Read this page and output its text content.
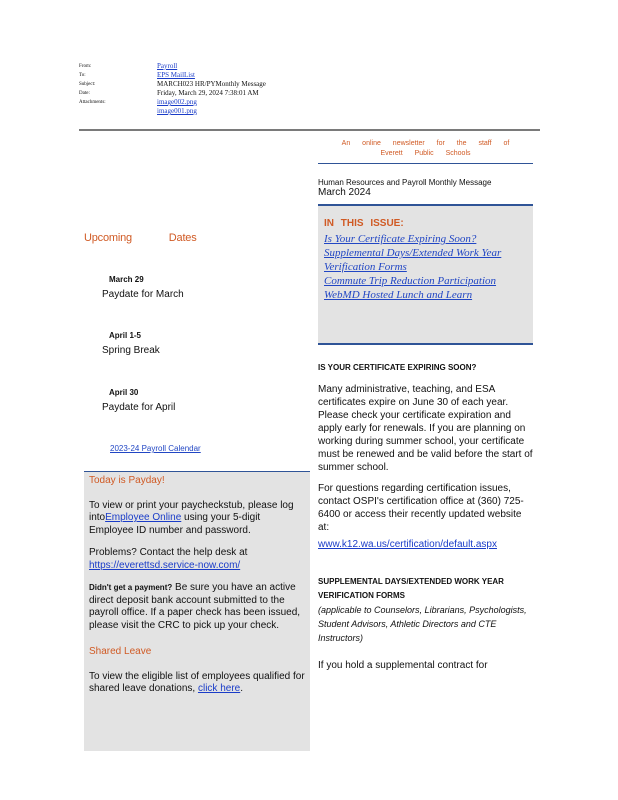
From:	Payroll
To:	EPS MailList
Subject:	MARCH023 HR/PYMonthly Message
Date:	Friday, March 29, 2024 7:38:01 AM
Attachments:	image002.png
image001.png
Upcoming	Dates
March 29
Paydate for March
April 1-5
Spring Break
April 30
Paydate for April
2023-24 Payroll Calendar
Today is Payday!

To view or print your paycheckstub, please log intoEmployee Online using your 5-digit Employee ID number and password.

Problems? Contact the help desk at https://everettsd.service-now.com/

Didn't get a payment? Be sure you have an active direct deposit bank account submitted to the payroll office. If a paper check has been issued, please visit the CRC to pick up your check.

Shared Leave

To view the eligible list of employees qualified for shared leave donations, click here.

An online newsletter for the staff of
Everett Public Schools
Human Resources and Payroll Monthly Message
March 2024
IN THIS ISSUE:
Is Your Certificate Expiring Soon?
Supplemental Days/Extended Work Year Verification Forms
Commute Trip Reduction Participation
WebMD Hosted Lunch and Learn
IS YOUR CERTIFICATE EXPIRING SOON?

Many administrative, teaching, and ESA certificates expire on June 30 of each year. Please check your certificate expiration and apply early for renewals. If you are planning on working during summer school, your certificate must be renewed and be valid before the start of summer school.

For questions regarding certification issues, contact OSPI's certification office at (360) 725-6400 or access their recently updated website at:

www.k12.wa.us/certification/default.aspx
SUPPLEMENTAL DAYS/EXTENDED WORK YEAR VERIFICATION FORMS
(applicable to Counselors, Librarians, Psychologists, Student Advisors, Athletic Directors and CTE Instructors)

If you hold a supplemental contract for
